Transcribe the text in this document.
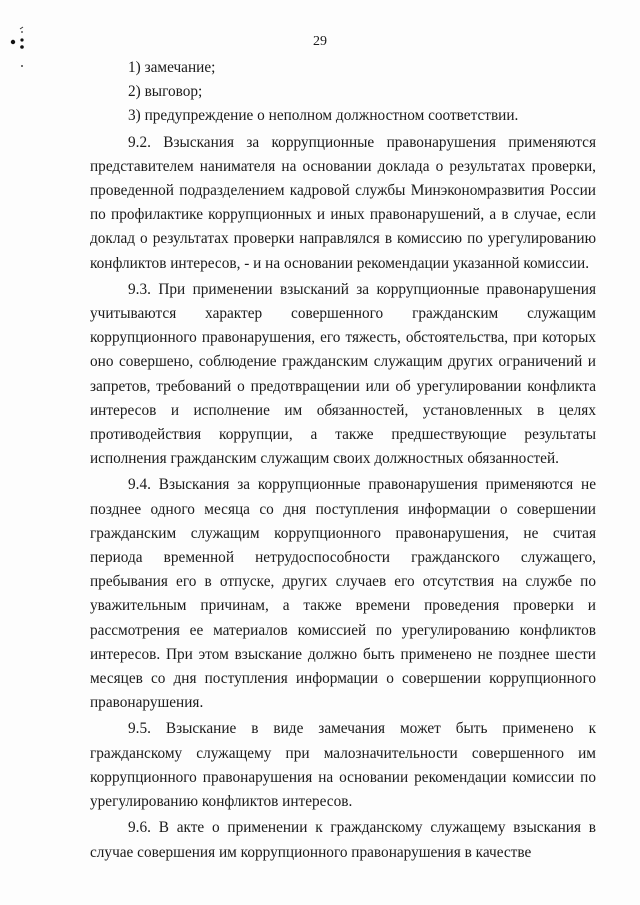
29

1) замечание;

2) выговор;

3) предупреждение о неполном должностном соответствии.

9.2. Взыскания за коррупционные правонарушения применяются представителем нанимателя на основании доклада о результатах проверки, проведенной подразделением кадровой службы Минэкономразвития России по профилактике коррупционных и иных правонарушений, а в случае, если доклад о результатах проверки направлялся в комиссию по урегулированию конфликтов интересов, - и на основании рекомендации указанной комиссии.

9.3. При применении взысканий за коррупционные правонарушения учитываются характер совершенного гражданским служащим коррупционного правонарушения, его тяжесть, обстоятельства, при которых оно совершено, соблюдение гражданским служащим других ограничений и запретов, требований о предотвращении или об урегулировании конфликта интересов и исполнение им обязанностей, установленных в целях противодействия коррупции, а также предшествующие результаты исполнения гражданским служащим своих должностных обязанностей.

9.4. Взыскания за коррупционные правонарушения применяются не позднее одного месяца со дня поступления информации о совершении гражданским служащим коррупционного правонарушения, не считая периода временной нетрудоспособности гражданского служащего, пребывания его в отпуске, других случаев его отсутствия на службе по уважительным причинам, а также времени проведения проверки и рассмотрения ее материалов комиссией по урегулированию конфликтов интересов. При этом взыскание должно быть применено не позднее шести месяцев со дня поступления информации о совершении коррупционного правонарушения.

9.5. Взыскание в виде замечания может быть применено к гражданскому служащему при малозначительности совершенного им коррупционного правонарушения на основании рекомендации комиссии по урегулированию конфликтов интересов.

9.6. В акте о применении к гражданскому служащему взыскания в случае совершения им коррупционного правонарушения в качестве
